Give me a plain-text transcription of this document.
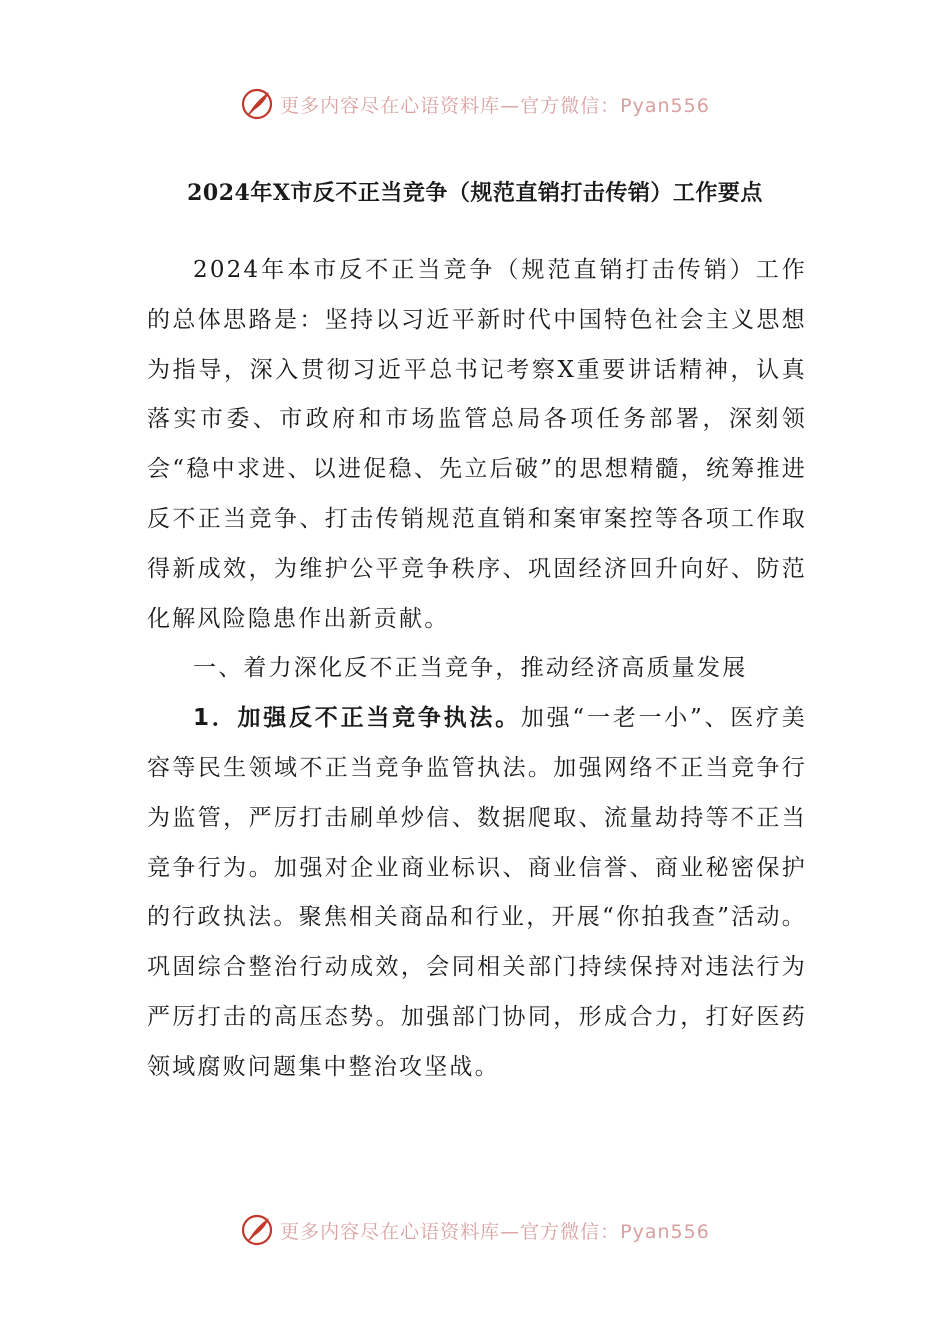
更多内容尽在心语资料库—官方微信：Pyan556
2024年X市反不正当竞争（规范直销打击传销）工作要点

2024年本市反不正当竞争（规范直销打击传销）工作的总体思路是：坚持以习近平新时代中国特色社会主义思想为指导，深入贯彻习近平总书记考察X重要讲话精神，认真落实市委、市政府和市场监管总局各项任务部署，深刻领会“稳中求进、以进促稳、先立后破”的思想精髓，统筹推进反不正当竞争、打击传销规范直销和案审案控等各项工作取得新成效，为维护公平竞争秩序、巩固经济回升向好、防范化解风险隐患作出新贡献。

一、着力深化反不正当竞争，推动经济高质量发展

1．加强反不正当竞争执法。加强“一老一小”、医疗美容等民生领域不正当竞争监管执法。加强网络不正当竞争行为监管，严厉打击刷单炒信、数据爬取、流量劫持等不正当竞争行为。加强对企业商业标识、商业信誉、商业秘密保护的行政执法。聚焦相关商品和行业，开展“你拍我查”活动。巩固综合整治行动成效，会同相关部门持续保持对违法行为严厉打击的高压态势。加强部门协同，形成合力，打好医药领域腐败问题集中整治攻坚战。

更多内容尽在心语资料库—官方微信：Pyan556
